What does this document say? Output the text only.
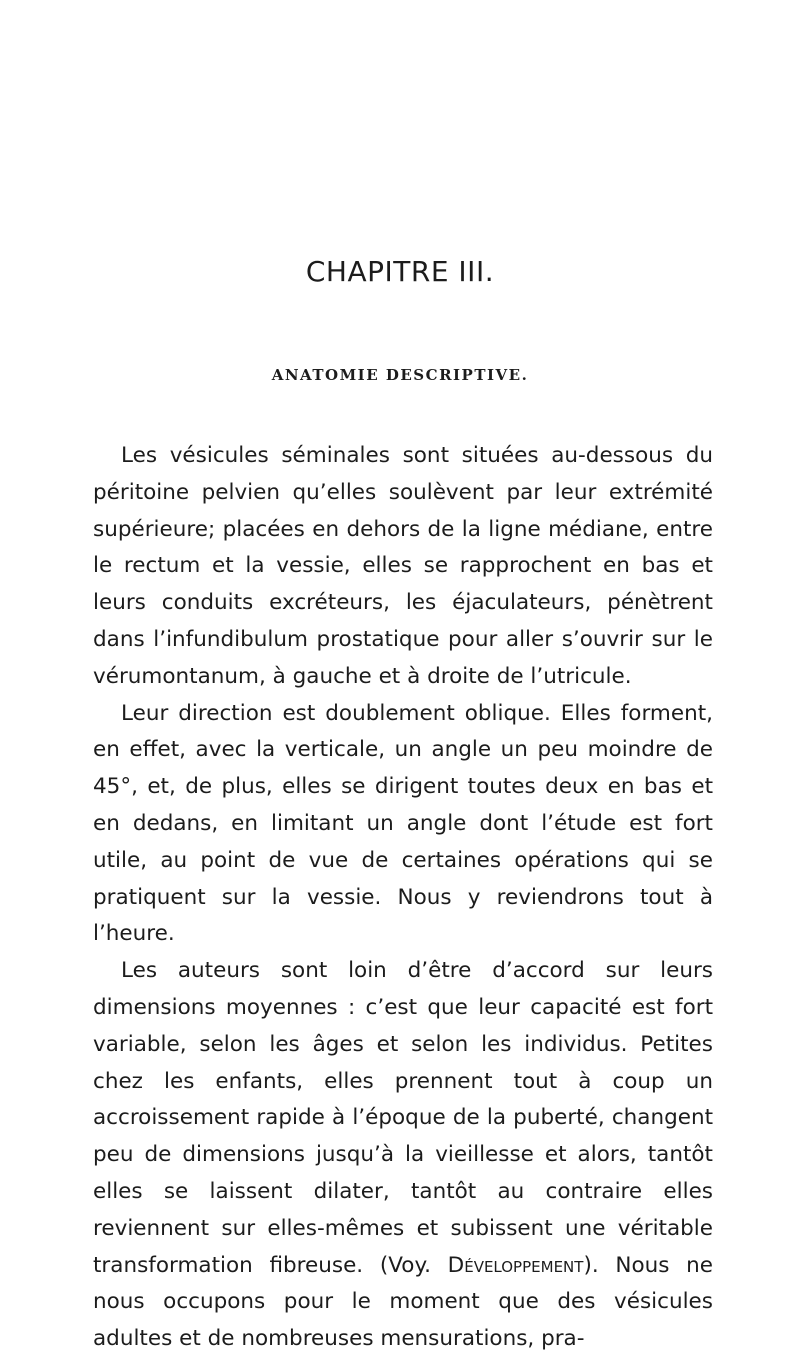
CHAPITRE III.
ANATOMIE DESCRIPTIVE.

Les vésicules séminales sont situées au-dessous du péritoine pelvien qu’elles soulèvent par leur extrémité supérieure; placées en dehors de la ligne médiane, entre le rectum et la vessie, elles se rapprochent en bas et leurs conduits excréteurs, les éjaculateurs, pénètrent dans l’infundibulum prostatique pour aller s’ouvrir sur le vérumontanum, à gauche et à droite de l’utricule.

Leur direction est doublement oblique. Elles forment, en effet, avec la verticale, un angle un peu moindre de 45°, et, de plus, elles se dirigent toutes deux en bas et en dedans, en limitant un angle dont l’étude est fort utile, au point de vue de certaines opérations qui se pratiquent sur la vessie. Nous y reviendrons tout à l’heure.

Les auteurs sont loin d’être d’accord sur leurs dimensions moyennes : c’est que leur capacité est fort variable, selon les âges et selon les individus. Petites chez les enfants, elles prennent tout à coup un accroissement rapide à l’époque de la puberté, changent peu de dimensions jusqu’à la vieillesse et alors, tantôt elles se laissent dilater, tantôt au contraire elles reviennent sur elles-mêmes et subissent une véritable transformation fibreuse. (Voy. Développement). Nous ne nous occupons pour le moment que des vésicules adultes et de nombreuses mensurations, pra-
